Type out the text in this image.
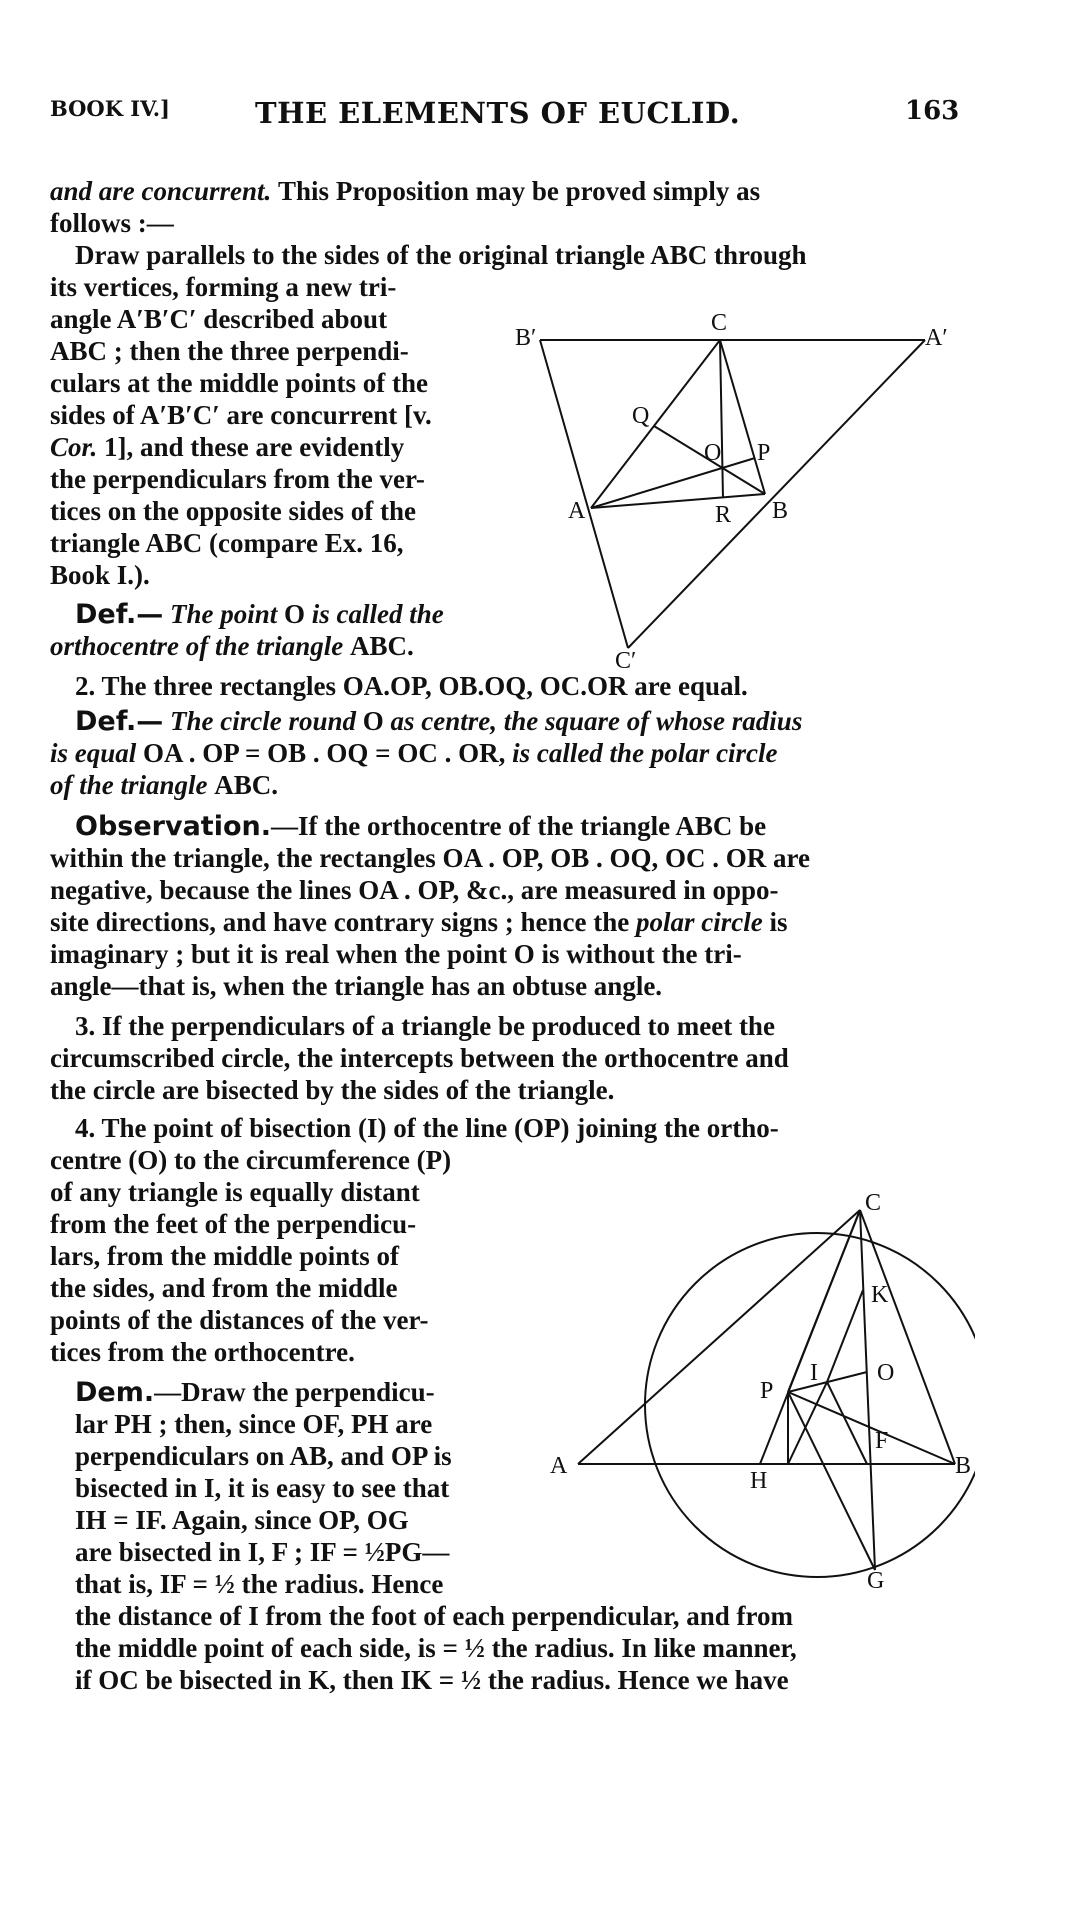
BOOK IV.]	THE ELEMENTS OF EUCLID.	163
and are concurrent. This Proposition may be proved simply as
follows :—
Draw parallels to the sides of the original triangle ABC through
its vertices, forming a new tri-
angle A′B′C′ described about
ABC ; then the three perpendi-
culars at the middle points of the
sides of A′B′C′ are concurrent [v.
Cor. 1], and these are evidently
the perpendiculars from the ver-
tices on the opposite sides of the
triangle ABC (compare Ex. 16,
Book I.).
Def.— The point O is called the
orthocentre of the triangle ABC.
2. The three rectangles OA.OP, OB.OQ, OC.OR are equal.
Def.— The circle round O as centre, the square of whose radius
is equal OA . OP = OB . OQ = OC . OR, is called the polar circle
of the triangle ABC.
Observation.—If the orthocentre of the triangle ABC be
within the triangle, the rectangles OA . OP, OB . OQ, OC . OR are
negative, because the lines OA . OP, &c., are measured in oppo-
site directions, and have contrary signs ; hence the polar circle is
imaginary ; but it is real when the point O is without the tri-
angle—that is, when the triangle has an obtuse angle.
3. If the perpendiculars of a triangle be produced to meet the
circumscribed circle, the intercepts between the orthocentre and
the circle are bisected by the sides of the triangle.
4. The point of bisection (I) of the line (OP) joining the ortho-
centre (O) to the circumference (P)
of any triangle is equally distant
from the feet of the perpendicu-
lars, from the middle points of
the sides, and from the middle
points of the distances of the ver-
tices from the orthocentre.
Dem.—Draw the perpendicu-
lar PH ; then, since OF, PH are
perpendiculars on AB, and OP is
bisected in I, it is easy to see that
IH = IF. Again, since OP, OG
are bisected in I, F ; IF = ½PG—
that is, IF = ½ the radius. Hence
the distance of I from the foot of each perpendicular, and from
the middle point of each side, is = ½ the radius. In like manner,
if OC be bisected in K, then IK = ½ the radius. Hence we have
B′
C
A′
Q
O P
A	R B
C′
C
K
I O
P
F
A
H
B
G
